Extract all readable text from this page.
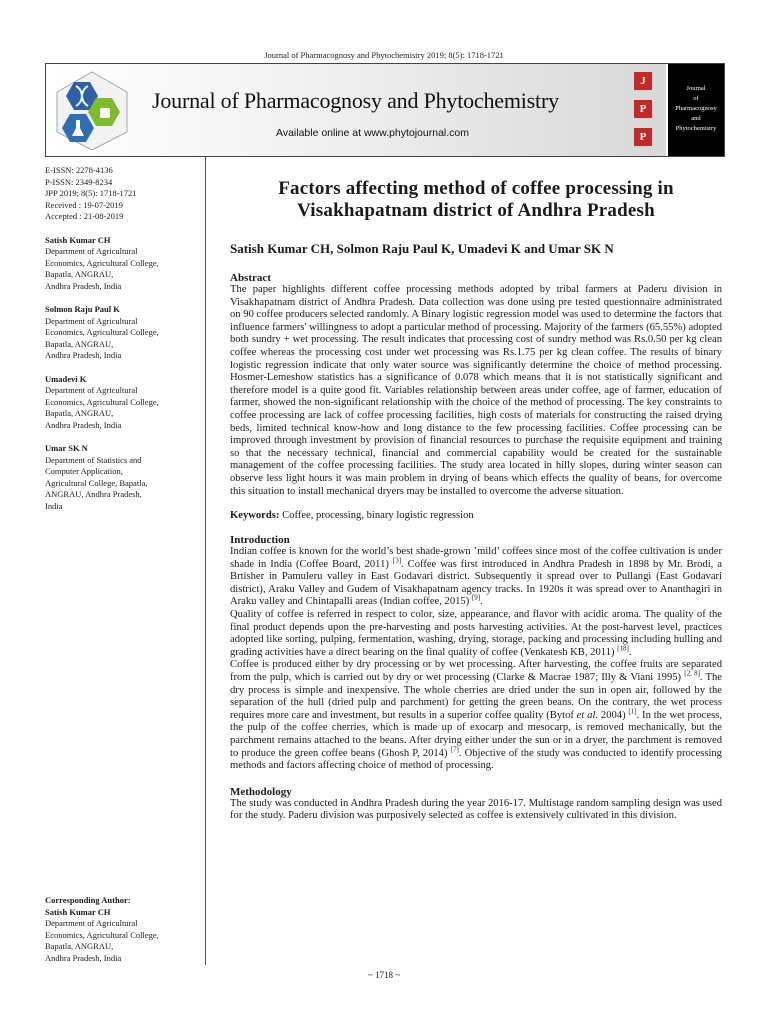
Journal of Pharmacognosy and Phytochemistry 2019; 8(5): 1718-1721
Journal of Pharmacognosy and Phytochemistry
Available online at www.phytojournal.com
J
P
P
Journal
of
Pharmacognosy
and
Phytochemistry
E-ISSN: 2278-4136
P-ISSN: 2349-8234
JPP 2019; 8(5): 1718-1721
Received : 19-07-2019
Accepted : 21-08-2019
Satish Kumar CH
Department of Agricultural
Economics, Agricultural College,
Bapatla, ANGRAU,
Andhra Pradesh, India
Solmon Raju Paul K
Department of Agricultural
Economics, Agricultural College,
Bapatla, ANGRAU,
Andhra Pradesh, India
Umadevi K
Department of Agricultural
Economics, Agricultural College,
Bapatla, ANGRAU,
Andhra Pradesh, India
Umar SK N
Department of Statistics and
Computer Application,
Agricultural College, Bapatla,
ANGRAU, Andhra Pradesh,
India
Corresponding Author:
Satish Kumar CH
Department of Agricultural
Economics, Agricultural College,
Bapatla, ANGRAU,
Andhra Pradesh, India
Factors affecting method of coffee processing in Visakhapatnam district of Andhra Pradesh
Satish Kumar CH, Solmon Raju Paul K, Umadevi K and Umar SK N
Abstract

The paper highlights different coffee processing methods adopted by tribal farmers at Paderu division in Visakhapatnam district of Andhra Pradesh. Data collection was done using pre tested questionnaire administrated on 90 coffee producers selected randomly. A Binary logistic regression model was used to determine the factors that influence farmers' willingness to adopt a particular method of processing. Majority of the farmers (65.55%) adopted both sundry + wet processing. The result indicates that processing cost of sundry method was Rs.0.50 per kg clean coffee whereas the processing cost under wet processing was Rs.1.75 per kg clean coffee. The results of binary logistic regression indicate that only water source was significantly determine the choice of method processing. Hosmer-Lemeshow statistics has a significance of 0.078 which means that it is not statistically significant and therefore model is a quite good fit. Variables relationship between areas under coffee, age of farmer, education of farmer, showed the non-significant relationship with the choice of the method of processing. The key constraints to coffee processing are lack of coffee processing facilities, high costs of materials for constructing the raised drying beds, limited technical know-how and long distance to the few processing facilities. Coffee processing can be improved through investment by provision of financial resources to purchase the requisite equipment and training so that the necessary technical, financial and commercial capability would be created for the sustainable management of the coffee processing facilities. The study area located in hilly slopes, during winter season can observe less light hours it was main problem in drying of beans which effects the quality of beans, for overcome this situation to install mechanical dryers may be installed to overcome the adverse situation.

Keywords: Coffee, processing, binary logistic regression
Introduction

Indian coffee is known for the world’s best shade-grown ’mild’ coffees since most of the coffee cultivation is under shade in India (Coffee Board, 2011) [3]. Coffee was first introduced in Andhra Pradesh in 1898 by Mr. Brodi, a Brtisher in Pamuleru valley in East Godavari district. Subsequently it spread over to Pullangi (East Godavari district), Araku Valley and Gudem of Visakhapatnam agency tracks. In 1920s it was spread over to Ananthagiri in Araku valley and Chintapalli areas (Indian coffee, 2015) [9].

Quality of coffee is referred in respect to color, size, appearance, and flavor with acidic aroma. The quality of the final product depends upon the pre-harvesting and posts harvesting activities. At the post-harvest level, practices adopted like sorting, pulping, fermentation, washing, drying, storage, packing and processing including hulling and grading activities have a direct bearing on the final quality of coffee (Venkatesh KB, 2011) [18].

Coffee is produced either by dry processing or by wet processing. After harvesting, the coffee fruits are separated from the pulp, which is carried out by dry or wet processing (Clarke & Macrae 1987; Illy & Viani 1995) [2, 8]. The dry process is simple and inexpensive. The whole cherries are dried under the sun in open air, followed by the separation of the hull (dried pulp and parchment) for getting the green beans. On the contrary, the wet process requires more care and investment, but results in a superior coffee quality (Bytof et al. 2004) [1]. In the wet process, the pulp of the coffee cherries, which is made up of exocarp and mesocarp, is removed mechanically, but the parchment remains attached to the beans. After drying either under the sun or in a dryer, the parchment is removed to produce the green coffee beans (Ghosh P, 2014) [7]. Objective of the study was conducted to identify processing methods and factors affecting choice of method of processing.

Methodology

The study was conducted in Andhra Pradesh during the year 2016-17. Multistage random sampling design was used for the study. Paderu division was purposively selected as coffee is extensively cultivated in this division.

~ 1718 ~
